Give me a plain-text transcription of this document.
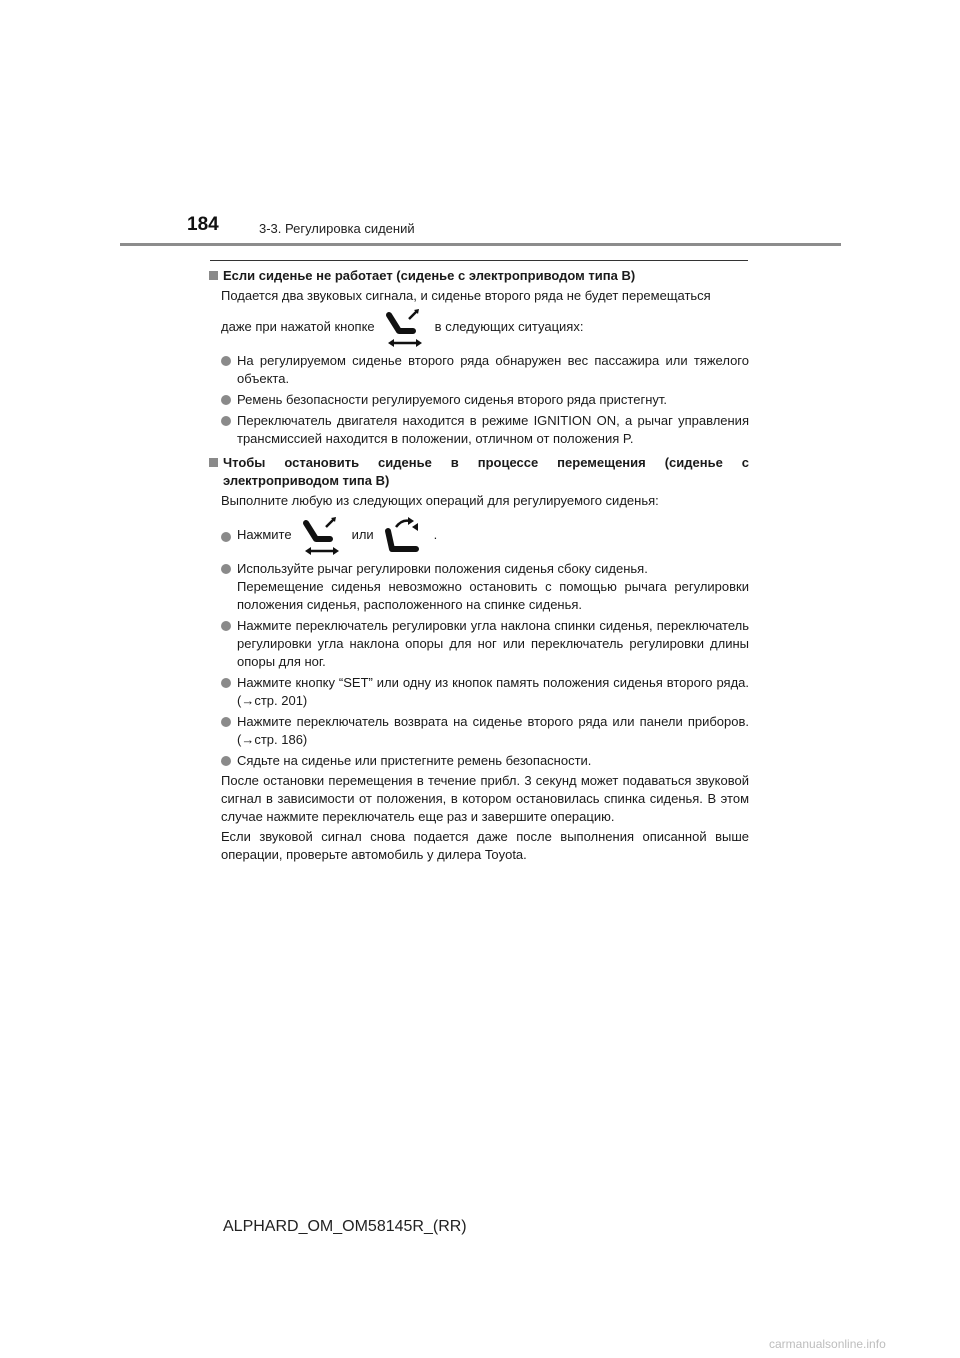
184	3-3. Регулировка сидений
Если сиденье не работает (сиденье с электроприводом типа B)

Подается два звуковых сигнала, и сиденье второго ряда не будет перемещаться

даже при нажатой кнопке	в следующих ситуациях:

На регулируемом сиденье второго ряда обнаружен вес пассажира или тяжелого объекта.
Ремень безопасности регулируемого сиденья второго ряда пристегнут.
Переключатель двигателя находится в режиме IGNITION ON, а рычаг управления трансмиссией находится в положении, отличном от положения P.
Чтобы остановить сиденье в процессе перемещения (сиденье с электроприводом типа B)

Выполните любую из следующих операций для регулируемого сиденья:

Нажмите	или	.
Используйте рычаг регулировки положения сиденья сбоку сиденья.
Перемещение сиденья невозможно остановить с помощью рычага регулировки положения сиденья, расположенного на спинке сиденья.
Нажмите переключатель регулировки угла наклона спинки сиденья, переключатель регулировки угла наклона опоры для ног или переключатель регулировки длины опоры для ног.
Нажмите кнопку “SET” или одну из кнопок память положения сиденья второго ряда. (→стр. 201)
Нажмите переключатель возврата на сиденье второго ряда или панели приборов. (→стр. 186)
Сядьте на сиденье или пристегните ремень безопасности.

После остановки перемещения в течение прибл. 3 секунд может подаваться звуковой сигнал в зависимости от положения, в котором остановилась спинка сиденья. В этом случае нажмите переключатель еще раз и завершите операцию.

Если звуковой сигнал снова подается даже после выполнения описанной выше операции, проверьте автомобиль у дилера Toyota.

ALPHARD_OM_OM58145R_(RR)
carmanualsonline.info
